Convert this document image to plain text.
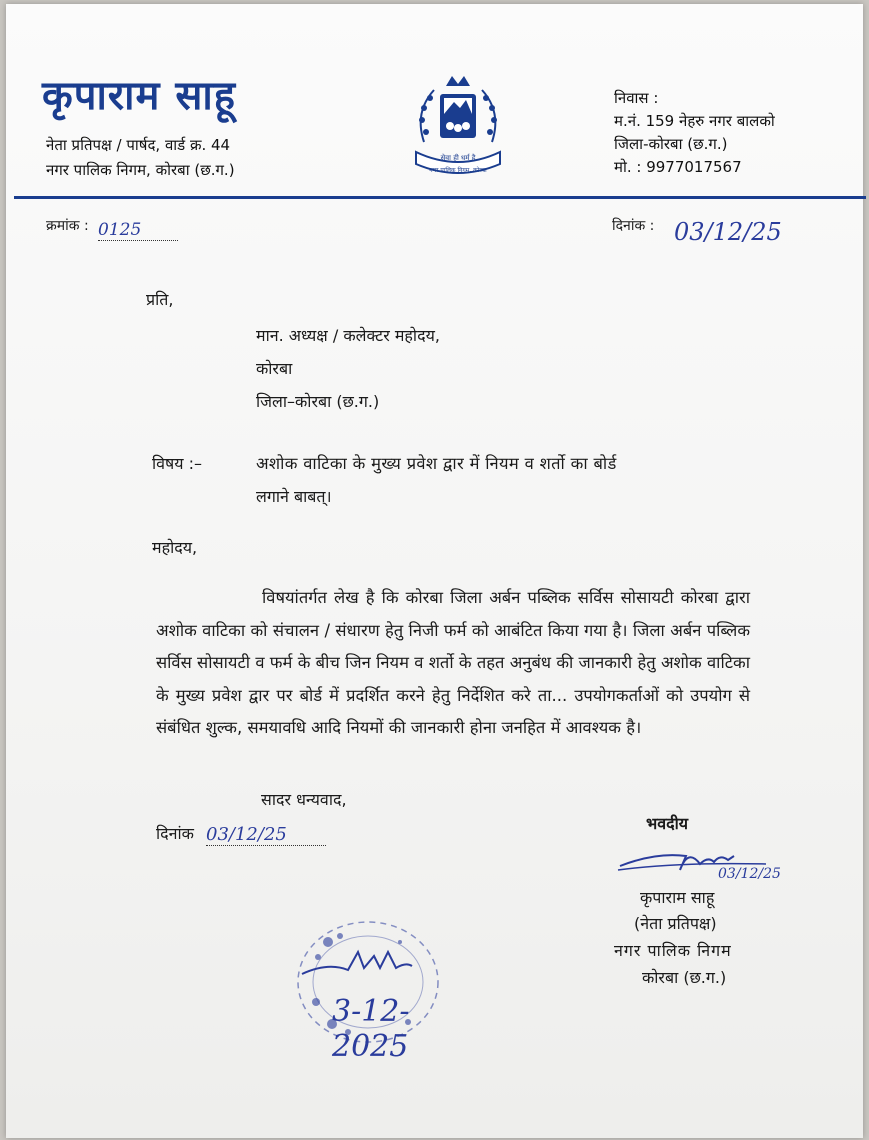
कृपाराम साहू
नेता प्रतिपक्ष / पार्षद, वार्ड क्र. 44
नगर पालिक निगम, कोरबा (छ.ग.)
सेवा ही धर्म है
नगर पालिक निगम, कोरबा
निवास :
म.नं. 159 नेहरु नगर बालको
जिला-कोरबा (छ.ग.)
मो. : 9977017567
क्रमांक : 0125	दिनांक : 03/12/25
प्रति,
मान. अध्यक्ष / कलेक्टर महोदय,
कोरबा
जिला–कोरबा (छ.ग.)
विषय :–	अशोक वाटिका के मुख्य प्रवेश द्वार में नियम व शर्तो का बोर्ड
लगाने बाबत्।
महोदय,
विषयांतर्गत लेख है कि कोरबा जिला अर्बन पब्लिक सर्विस सोसायटी कोरबा द्वारा अशोक वाटिका को संचालन / संधारण हेतु निजी फर्म को आबंटित किया गया है। जिला अर्बन पब्लिक सर्विस सोसायटी व फर्म के बीच जिन नियम व शर्तो के तहत अनुबंध की जानकारी हेतु अशोक वाटिका के मुख्य प्रवेश द्वार पर बोर्ड में प्रदर्शित करने हेतु निर्देशित करे ता... उपयोगकर्ताओं को उपयोग से संबंधित शुल्क, समयावधि आदि नियमों की जानकारी होना जनहित में आवश्यक है।
सादर धन्यवाद,
दिनांक 03/12/25
भवदीय
03/12/25
कृपाराम साहू
(नेता प्रतिपक्ष)
नगर पालिक निगम
कोरबा (छ.ग.)
3-12-2025
